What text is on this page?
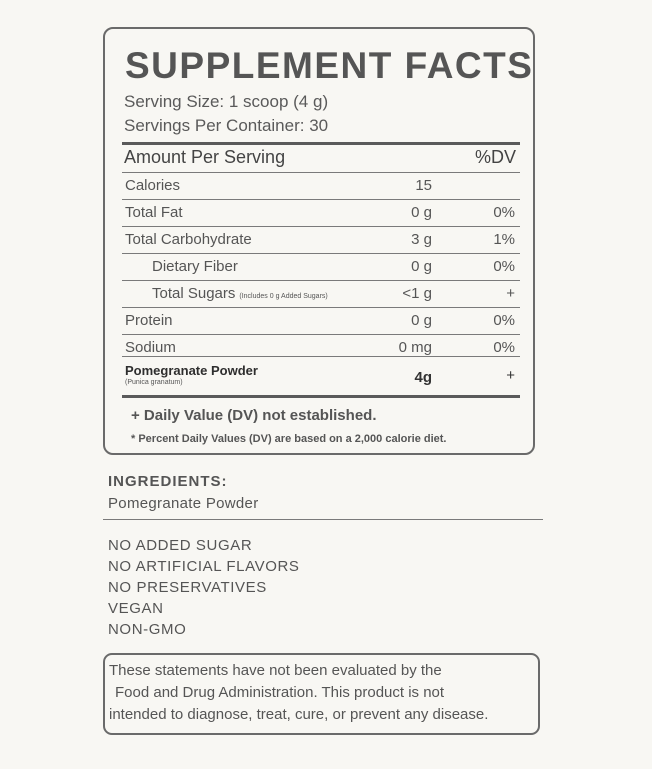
SUPPLEMENT FACTS
Serving Size: 1 scoop (4 g)
Servings Per Container: 30
Amount Per Serving	%DV
Calories	15
Total Fat	0 g	0%
Total Carbohydrate	3 g	1%
Dietary Fiber	0 g	0%
Total Sugars (Includes 0 g Added Sugars)	<1 g	+
Protein	0 g	0%
Sodium	0 mg	0%
Pomegranate Powder
(Punica granatum)	4g	+
+ Daily Value (DV) not established.
* Percent Daily Values (DV) are based on a 2,000 calorie diet.
INGREDIENTS:
Pomegranate Powder
NO ADDED SUGAR
NO ARTIFICIAL FLAVORS
NO PRESERVATIVES
VEGAN
NON-GMO
These statements have not been evaluated by the
Food and Drug Administration. This product is not
intended to diagnose, treat, cure, or prevent any disease.
